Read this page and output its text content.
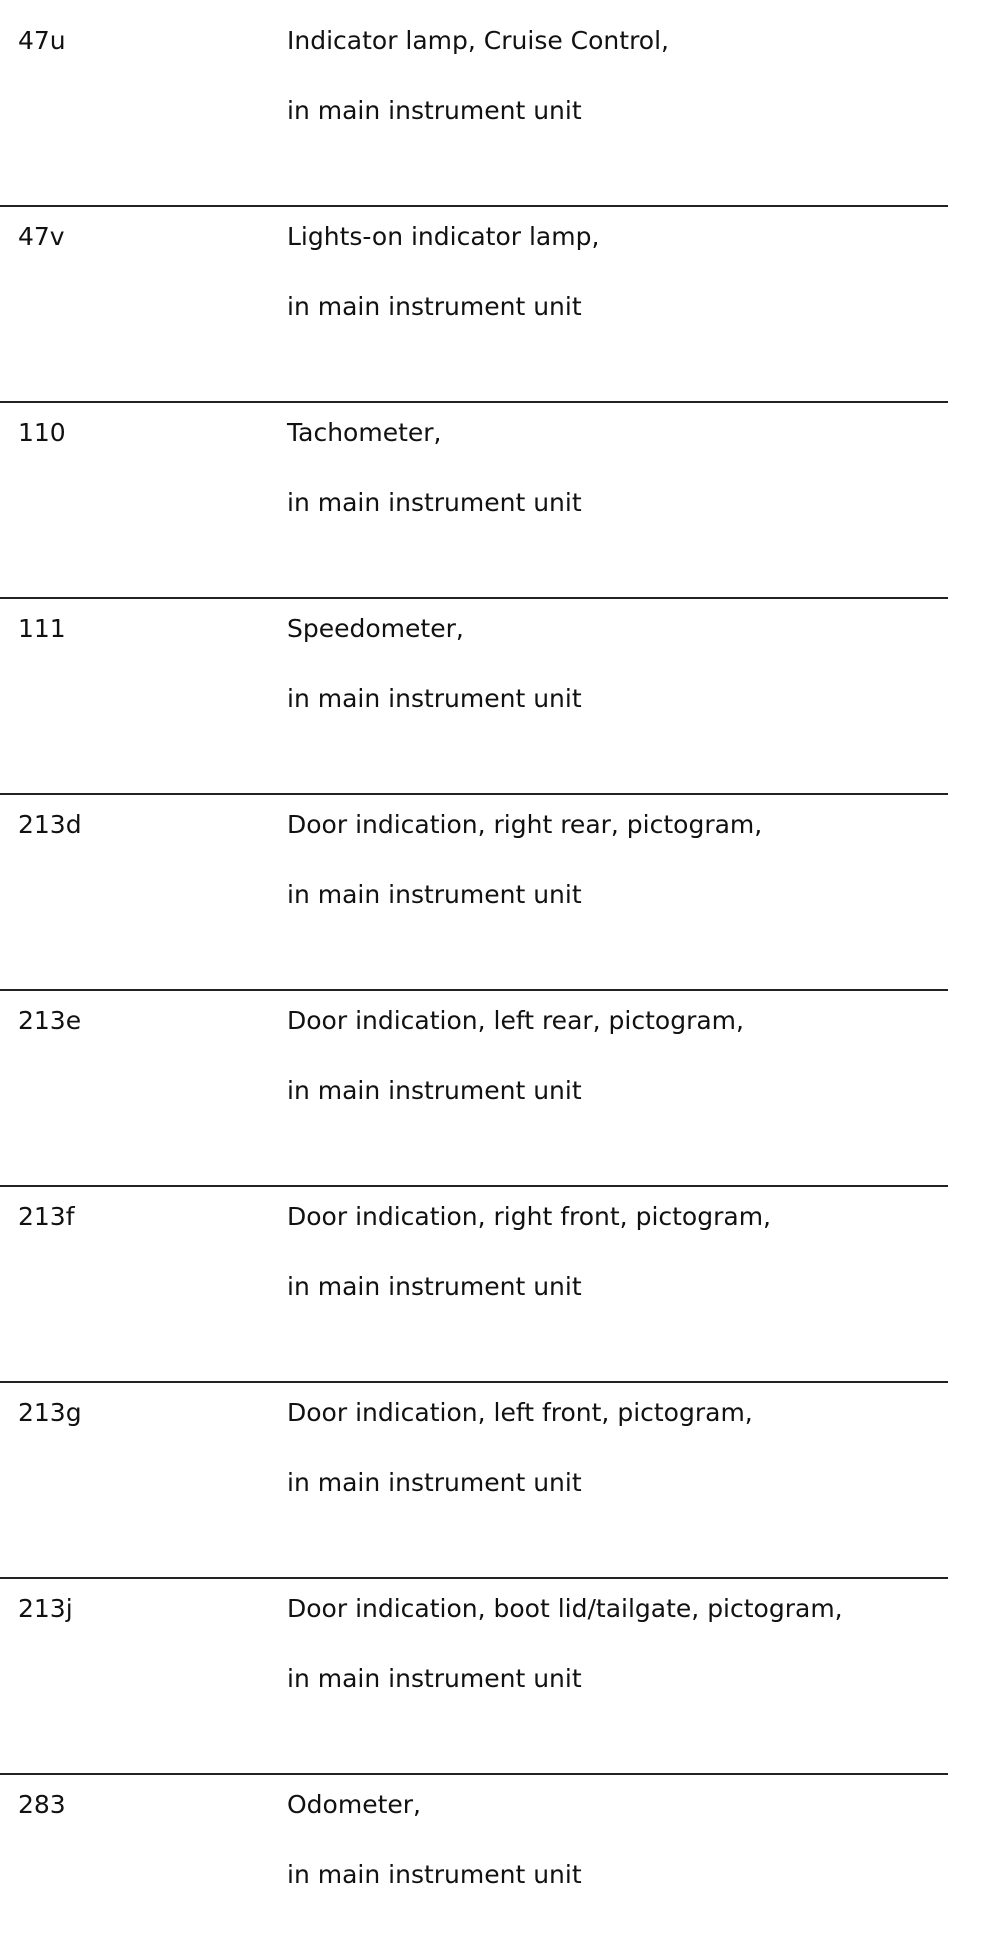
47u	Indicator lamp, Cruise Control,
in main instrument unit
47v	Lights-on indicator lamp,
in main instrument unit
110	Tachometer,
in main instrument unit
111	Speedometer,
in main instrument unit
213d	Door indication, right rear, pictogram,
in main instrument unit
213e	Door indication, left rear, pictogram,
in main instrument unit
213f	Door indication, right front, pictogram,
in main instrument unit
213g	Door indication, left front, pictogram,
in main instrument unit
213j	Door indication, boot lid/tailgate, pictogram,
in main instrument unit
283	Odometer,
in main instrument unit
